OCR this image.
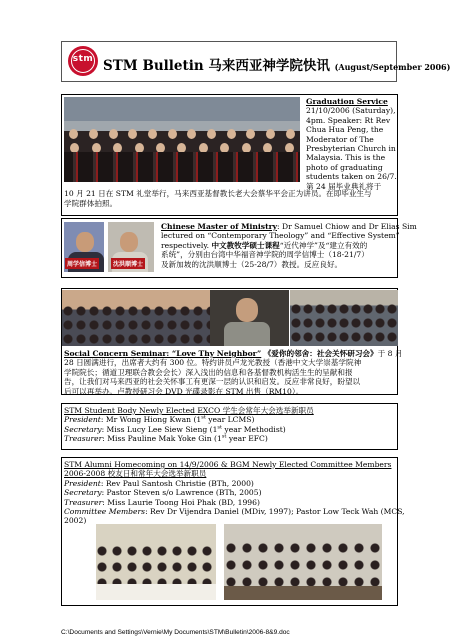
stm STM Bulletin 马来西亚神学院快讯 (August/September 2006)
Graduation Service
21/10/2006 (Saturday),
4pm. Speaker: Rt Rev
Chua Hua Peng, the
Moderator of The
Presbyterian Church in
Malaysia. This is the
photo of graduating
students taken on 26/7.
第 24 届毕业典礼将于
10 月 21 日在 STM 礼堂举行，马来西亚基督教长老大会蔡华平会正为讲员。在即毕业生与
学院群体拍照。
周学信博士	沈洪顺博士
Chinese Master of Ministry: Dr Samuel Chiow and Dr Elias Sim
lectured on “Contemporary Theology” and “Effective System”
respectively. 中文教牧学硕士课程“近代神学”及“建立有效的
系统”，分别由台湾中华福音神学院的周学信博士（18-21/7）
及新加坡的沈洪顺博士（25-28/7）教授。反应良好。
Social Concern Seminar: “Love Thy Neighbor” 《爱你的邻舍：社会关怀研习会》于 8 月
28 日圆满进行，出席者大约有 300 位。特约讲员卢龙光教授（香港中文大学崇基学院神
学院院长；循道卫理联合教会会长）深入浅出的信息和各基督教机构活生生的呈献和报
告，让我们对马来西亚的社会关怀事工有更深一层的认识和启发。反应非常良好，盼望以
后可以再举办。卢教授研习会 DVD 光碟录影在 STM 出售（RM10）。
STM Student Body Newly Elected EXCO 学生会常年大会选举新职员
President: Mr Wong Hiong Kwan (1st year LCMS)
Secretary: Miss Lucy Lee Siew Sieng (1st year Methodist)
Treasurer: Miss Pauline Mak Yoke Gin (1st year EFC)
STM Alumni Homecoming on 14/9/2006 & BGM Newly Elected Committee Members
2006-2008 校友日和常年大会选举新职员
President: Rev Paul Santosh Christie (BTh, 2000)
Secretary: Pastor Steven s/o Lawrence (BTh, 2005)
Treasurer: Miss Laurie Toong Hoi Phak (BD, 1996)
Committee Members: Rev Dr Vijendra Daniel (MDiv, 1997); Pastor Low Teck Wah (MCS,
2002)
C:\Documents and Settings\Vernie\My Documents\STM\Bulletin\2006-8&9.doc
